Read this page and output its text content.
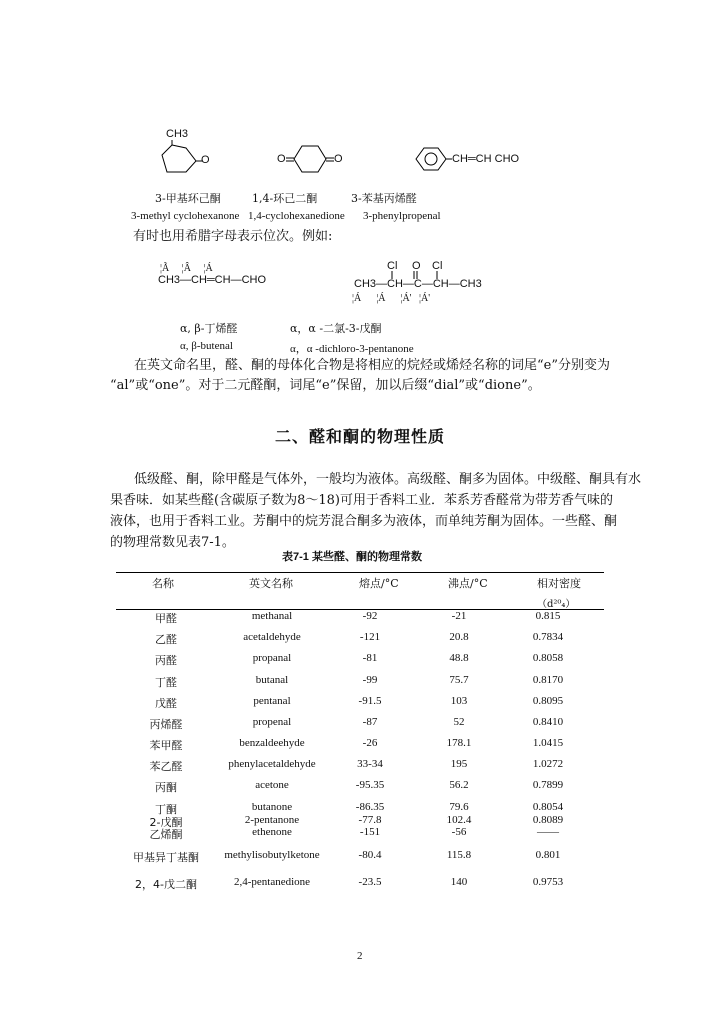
CH3
O	O	O	CH═CH CHO
3-甲基环己酮	1,4-环己二酮	3-苯基丙烯醛
3-methyl cyclohexanone 1,4-cyclohexanedione 3-phenylpropenal
有时也用希腊字母表示位次。例如:
¦Ã     ¦Â     ¦Á
CH3—CH═CH—CHO
Cl O Cl
CH3—CH—C—CH—CH3
¦Á      ¦Á      ¦Á'   ¦Á'
α, β-丁烯醛	α，α -二氯-3-戊酮
α, β-butenal	α，α -dichloro-3-pentanone
在英文命名里，醛、酮的母体化合物是将相应的烷烃或烯烃名称的词尾“e”分别变为
“al”或“one”。对于二元醛酮，词尾“e”保留，加以后缀“dial”或“dione”。
二、醛和酮的物理性质
低级醛、酮，除甲醛是气体外，一般均为液体。高级醛、酮多为固体。中级醛、酮具有水
果香味．如某些醛(含碳原子数为8～18)可用于香料工业．苯系芳香醛常为带芳香气味的
液体，也用于香料工业。芳酮中的烷芳混合酮多为液体，而单纯芳酮为固体。一些醛、酮
的物理常数见表7-1。
表7-1 某些醛、酮的物理常数
名称	英文名称	熔点/°C	沸点/°C	相对密度
（d²⁰₄）
甲醛	methanal	-92	-21	0.815
乙醛	acetaldehyde	-121	20.8	0.7834
丙醛	propanal	-81	48.8	0.8058
丁醛	butanal	-99	75.7	0.8170
戊醛	pentanal	-91.5	103	0.8095
丙烯醛	propenal	-87	52	0.8410
苯甲醛	benzaldeehyde	-26	178.1	1.0415
苯乙醛	phenylacetaldehyde	33-34	195	1.0272
丙酮	acetone	-95.35	56.2	0.7899
丁酮	butanone	-86.35	79.6	0.8054
2-戊酮	2-pentanone	-77.8	102.4	0.8089
乙烯酮	ethenone	-151	-56	——
甲基异丁基酮	methylisobutylketone	-80.4	115.8	0.801
2，4-戊二酮	2,4-pentanedione	-23.5	140	0.9753
2
